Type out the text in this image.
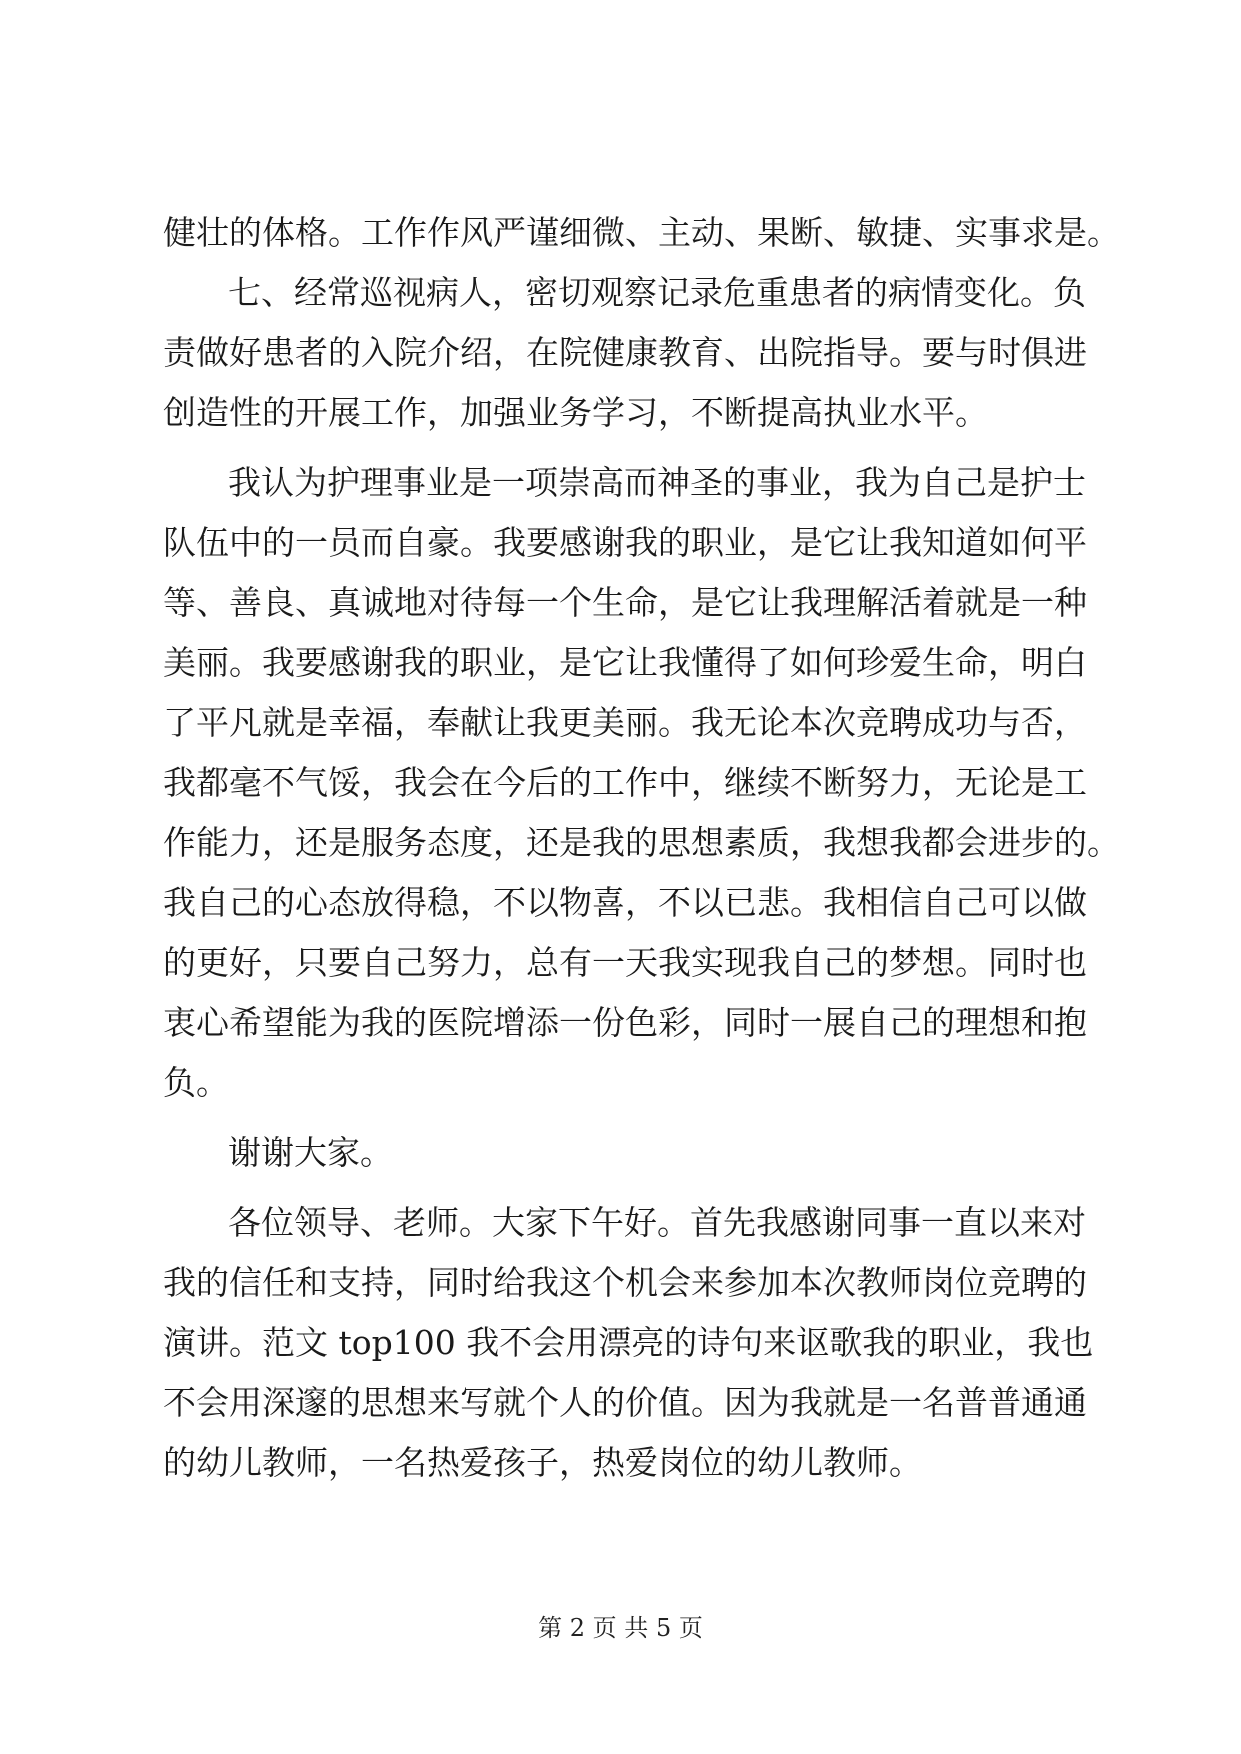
健壮的体格。工作作风严谨细微、主动、果断、敏捷、实事求是。
七、经常巡视病人，密切观察记录危重患者的病情变化。负
责做好患者的入院介绍，在院健康教育、出院指导。要与时俱进
创造性的开展工作，加强业务学习，不断提高执业水平。
我认为护理事业是一项崇高而神圣的事业，我为自己是护士
队伍中的一员而自豪。我要感谢我的职业，是它让我知道如何平
等、善良、真诚地对待每一个生命，是它让我理解活着就是一种
美丽。我要感谢我的职业，是它让我懂得了如何珍爱生命，明白
了平凡就是幸福，奉献让我更美丽。我无论本次竞聘成功与否，
我都毫不气馁，我会在今后的工作中，继续不断努力，无论是工
作能力，还是服务态度，还是我的思想素质，我想我都会进步的。
我自己的心态放得稳，不以物喜，不以已悲。我相信自己可以做
的更好，只要自己努力，总有一天我实现我自己的梦想。同时也
衷心希望能为我的医院增添一份色彩，同时一展自己的理想和抱
负。
谢谢大家。
各位领导、老师。大家下午好。首先我感谢同事一直以来对
我的信任和支持，同时给我这个机会来参加本次教师岗位竞聘的
演讲。范文 top100 我不会用漂亮的诗句来讴歌我的职业，我也
不会用深邃的思想来写就个人的价值。因为我就是一名普普通通
的幼儿教师，一名热爱孩子，热爱岗位的幼儿教师。
第 2 页 共 5 页
